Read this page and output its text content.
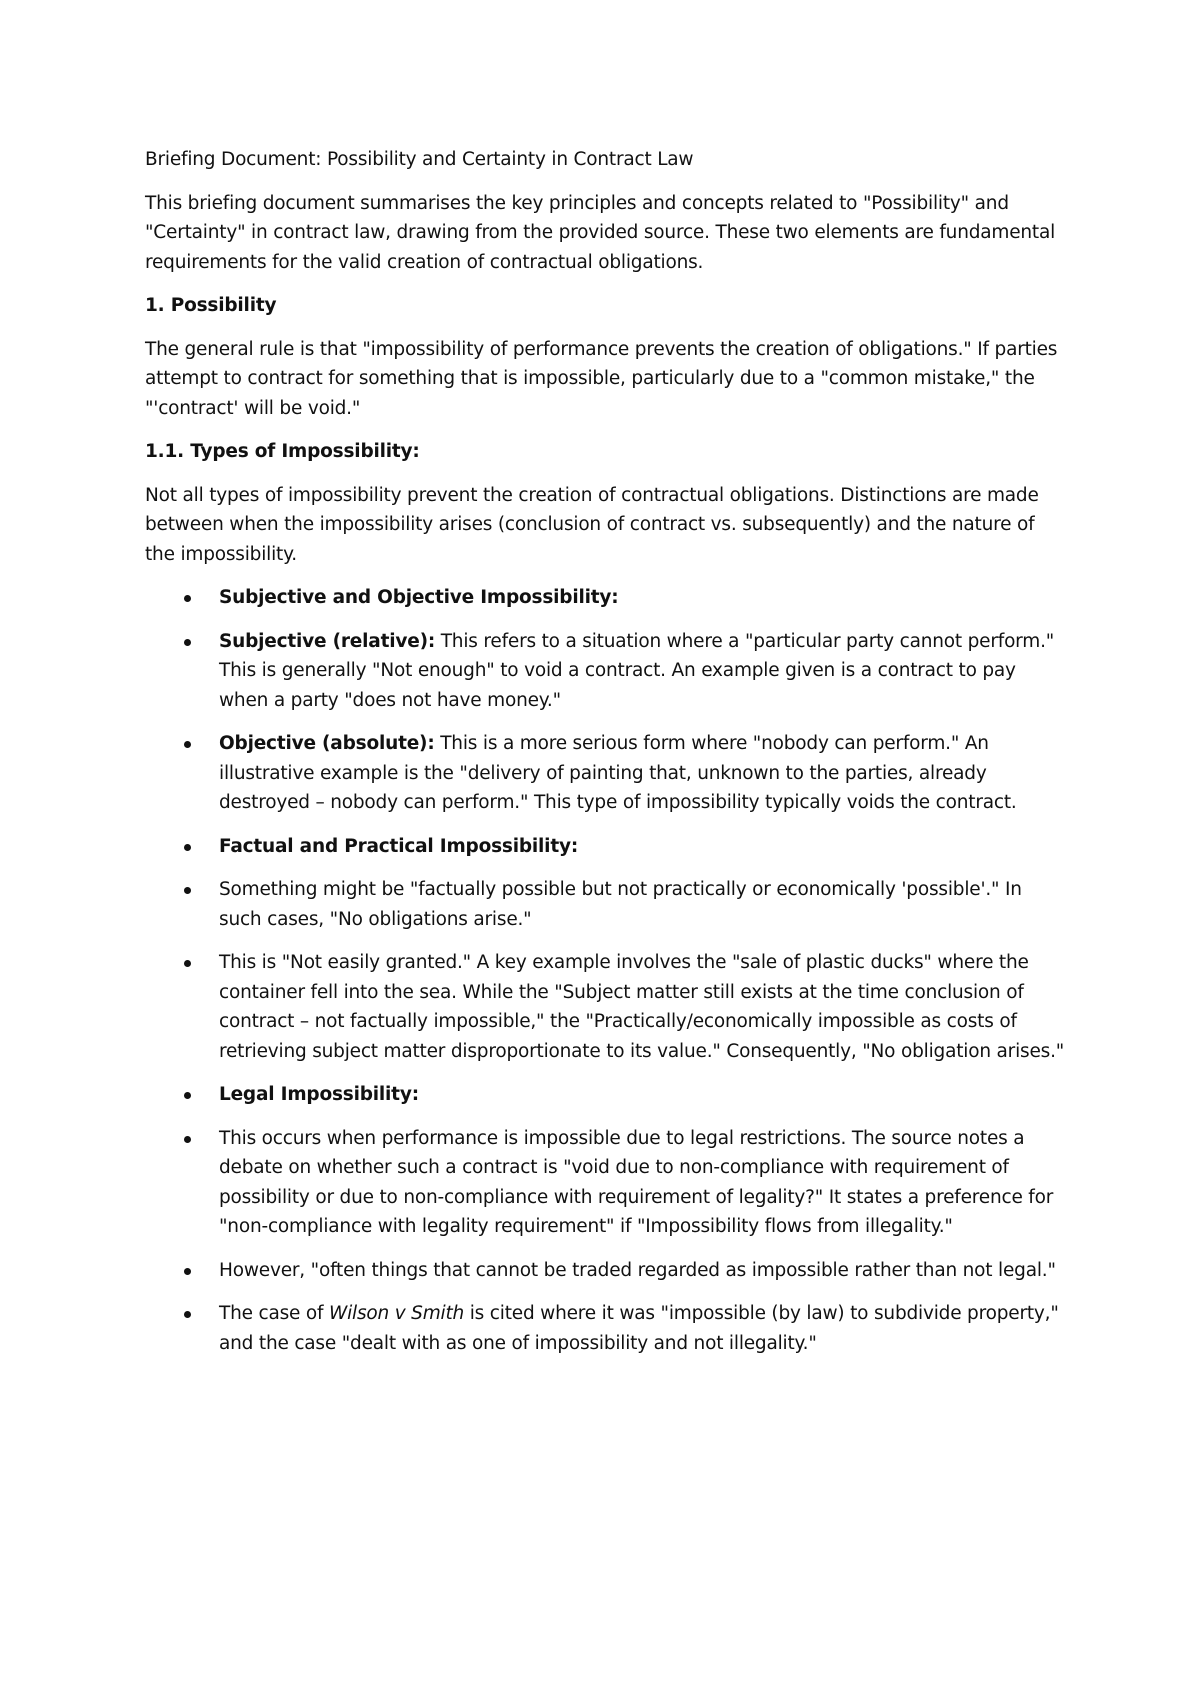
Briefing Document: Possibility and Certainty in Contract Law

This briefing document summarises the key principles and concepts related to "Possibility" and "Certainty" in contract law, drawing from the provided source. These two elements are fundamental requirements for the valid creation of contractual obligations.

1. Possibility

The general rule is that "impossibility of performance prevents the creation of obligations." If parties attempt to contract for something that is impossible, particularly due to a "common mistake," the "'contract' will be void."

1.1. Types of Impossibility:

Not all types of impossibility prevent the creation of contractual obligations. Distinctions are made between when the impossibility arises (conclusion of contract vs. subsequently) and the nature of the impossibility.

Subjective and Objective Impossibility:
Subjective (relative): This refers to a situation where a "particular party cannot perform." This is generally "Not enough" to void a contract. An example given is a contract to pay when a party "does not have money."
Objective (absolute): This is a more serious form where "nobody can perform." An illustrative example is the "delivery of painting that, unknown to the parties, already destroyed – nobody can perform." This type of impossibility typically voids the contract.
Factual and Practical Impossibility:
Something might be "factually possible but not practically or economically 'possible'." In such cases, "No obligations arise."
This is "Not easily granted." A key example involves the "sale of plastic ducks" where the container fell into the sea. While the "Subject matter still exists at the time conclusion of contract – not factually impossible," the "Practically/economically impossible as costs of retrieving subject matter disproportionate to its value." Consequently, "No obligation arises."
Legal Impossibility:
This occurs when performance is impossible due to legal restrictions. The source notes a debate on whether such a contract is "void due to non-compliance with requirement of possibility or due to non-compliance with requirement of legality?" It states a preference for "non-compliance with legality requirement" if "Impossibility flows from illegality."
However, "often things that cannot be traded regarded as impossible rather than not legal."
The case of Wilson v Smith is cited where it was "impossible (by law) to subdivide property," and the case "dealt with as one of impossibility and not illegality."
